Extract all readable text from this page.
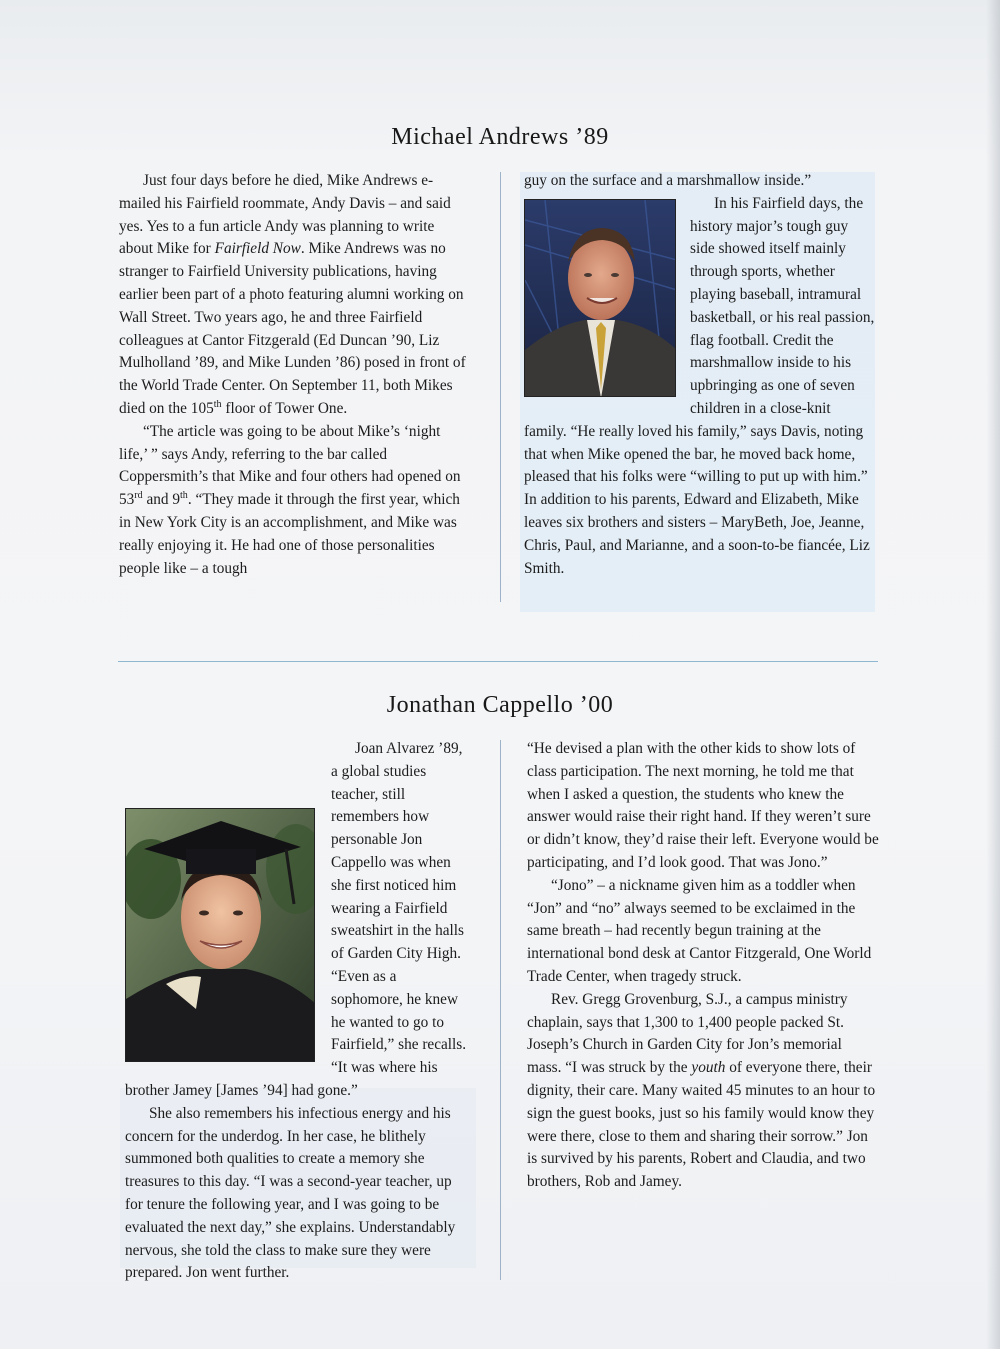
Michael Andrews ’89

Just four days before he died, Mike Andrews e-mailed his Fairfield roommate, Andy Davis – and said yes. Yes to a fun article Andy was planning to write about Mike for Fairfield Now. Mike Andrews was no stranger to Fairfield University publications, having earlier been part of a photo featuring alumni working on Wall Street. Two years ago, he and three Fairfield colleagues at Cantor Fitzgerald (Ed Duncan ’90, Liz Mulholland ’89, and Mike Lunden ’86) posed in front of the World Trade Center. On September 11, both Mikes died on the 105th floor of Tower One.

“The article was going to be about Mike’s ‘night life,’ ” says Andy, referring to the bar called Coppersmith’s that Mike and four others had opened on 53rd and 9th. “They made it through the first year, which in New York City is an accomplishment, and Mike was really enjoying it. He had one of those personalities people like – a tough

guy on the surface and a marshmallow inside.”

In his Fairfield days, the history major’s tough guy side showed itself mainly through sports, whether playing baseball, intramural basketball, or his real passion, flag football. Credit the marshmallow inside to his upbringing as one of seven children in a close-knit family. “He really loved his family,” says Davis, noting that when Mike opened the bar, he moved back home, pleased that his folks were “willing to put up with him.” In addition to his parents, Edward and Elizabeth, Mike leaves six brothers and sisters – MaryBeth, Joe, Jeanne, Chris, Paul, and Marianne, and a soon-to-be fiancée, Liz Smith.

Jonathan Cappello ’00

Joan Alvarez ’89, a global studies teacher, still remembers how personable Jon Cappello was when she first noticed him wearing a Fairfield sweatshirt in the halls of Garden City High. “Even as a sophomore, he knew he wanted to go to Fairfield,” she recalls. “It was where his brother Jamey [James ’94] had gone.”

She also remembers his infectious energy and his concern for the underdog. In her case, he blithely summoned both qualities to create a memory she treasures to this day. “I was a second-year teacher, up for tenure the following year, and I was going to be evaluated the next day,” she explains. Understandably nervous, she told the class to make sure they were prepared. Jon went further.

“He devised a plan with the other kids to show lots of class participation. The next morning, he told me that when I asked a question, the students who knew the answer would raise their right hand. If they weren’t sure or didn’t know, they’d raise their left. Everyone would be participating, and I’d look good. That was Jono.”

“Jono” – a nickname given him as a toddler when “Jon” and “no” always seemed to be exclaimed in the same breath – had recently begun training at the international bond desk at Cantor Fitzgerald, One World Trade Center, when tragedy struck.

Rev. Gregg Grovenburg, S.J., a campus ministry chaplain, says that 1,300 to 1,400 people packed St. Joseph’s Church in Garden City for Jon’s memorial mass. “I was struck by the youth of everyone there, their dignity, their care. Many waited 45 minutes to an hour to sign the guest books, just so his family would know they were there, close to them and sharing their sorrow.” Jon is survived by his parents, Robert and Claudia, and two brothers, Rob and Jamey.
